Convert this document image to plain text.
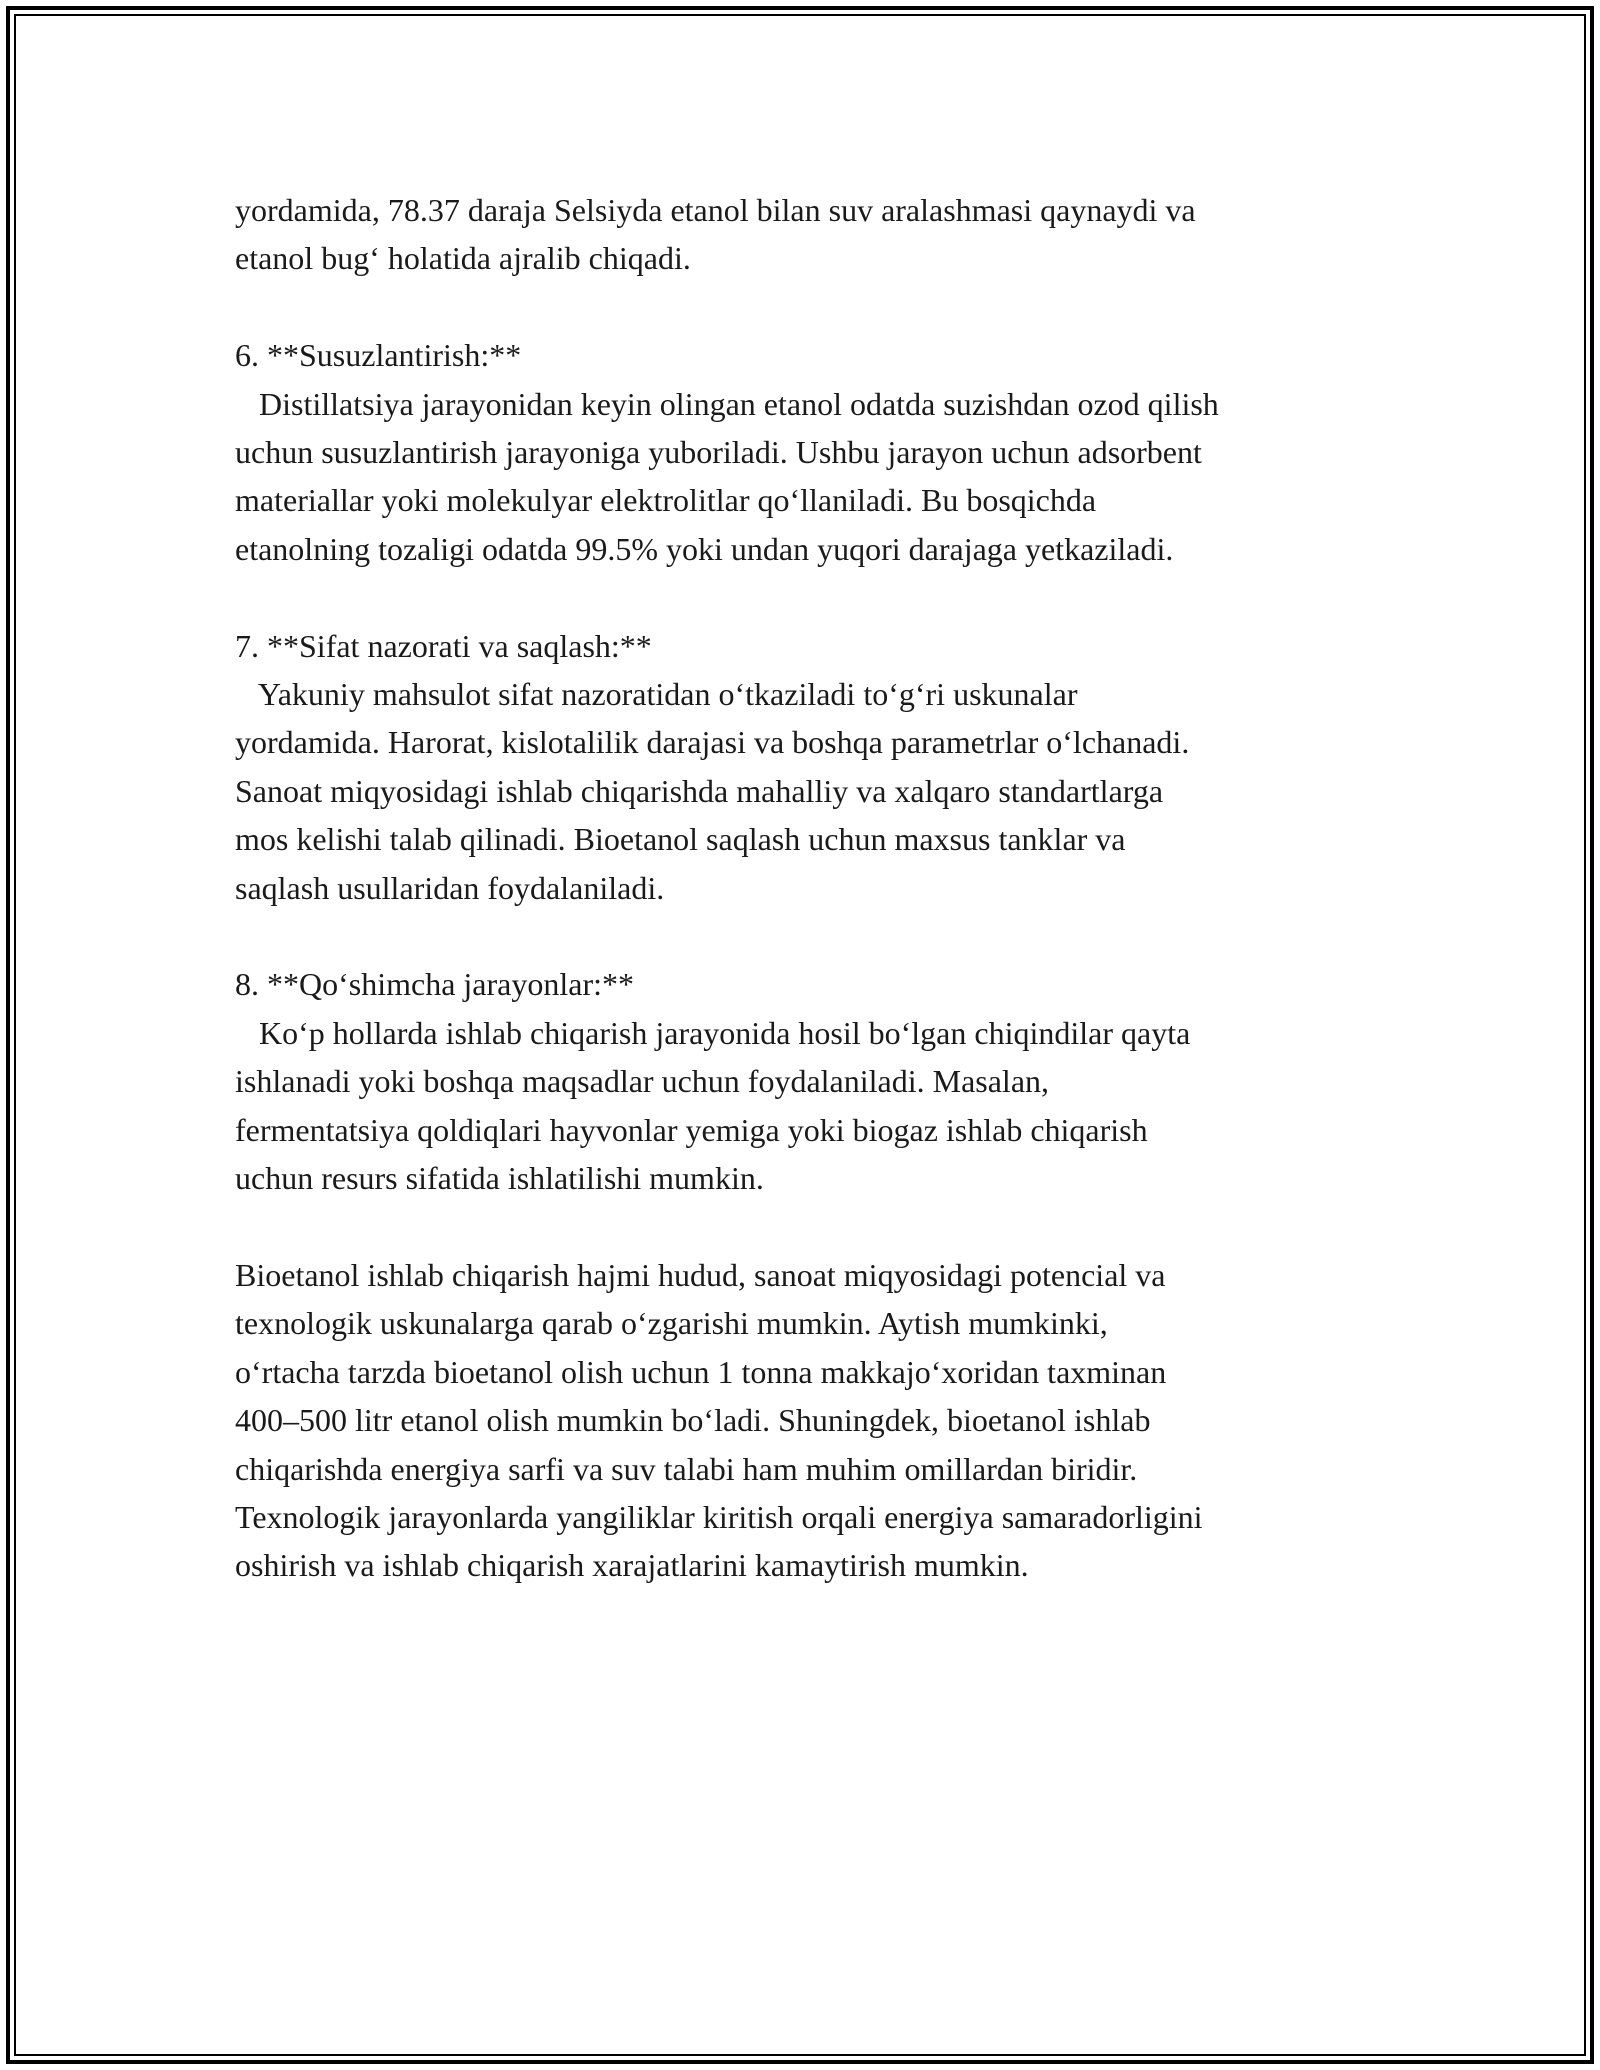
yordamida, 78.37 daraja Selsiyda etanol bilan suv aralashmasi qaynaydi va
etanol bug‘ holatida ajralib chiqadi.
6. **Susuzlantirish:**
Distillatsiya jarayonidan keyin olingan etanol odatda suzishdan ozod qilish
uchun susuzlantirish jarayoniga yuboriladi. Ushbu jarayon uchun adsorbent
materiallar yoki molekulyar elektrolitlar qo‘llaniladi. Bu bosqichda
etanolning tozaligi odatda 99.5% yoki undan yuqori darajaga yetkaziladi.
7. **Sifat nazorati va saqlash:**
Yakuniy mahsulot sifat nazoratidan o‘tkaziladi to‘g‘ri uskunalar
yordamida. Harorat, kislotalilik darajasi va boshqa parametrlar o‘lchanadi.
Sanoat miqyosidagi ishlab chiqarishda mahalliy va xalqaro standartlarga
mos kelishi talab qilinadi. Bioetanol saqlash uchun maxsus tanklar va
saqlash usullaridan foydalaniladi.
8. **Qo‘shimcha jarayonlar:**
Ko‘p hollarda ishlab chiqarish jarayonida hosil bo‘lgan chiqindilar qayta
ishlanadi yoki boshqa maqsadlar uchun foydalaniladi. Masalan,
fermentatsiya qoldiqlari hayvonlar yemiga yoki biogaz ishlab chiqarish
uchun resurs sifatida ishlatilishi mumkin.
Bioetanol ishlab chiqarish hajmi hudud, sanoat miqyosidagi potencial va
texnologik uskunalarga qarab o‘zgarishi mumkin. Aytish mumkinki,
o‘rtacha tarzda bioetanol olish uchun 1 tonna makkajo‘xoridan taxminan
400–500 litr etanol olish mumkin bo‘ladi. Shuningdek, bioetanol ishlab
chiqarishda energiya sarfi va suv talabi ham muhim omillardan biridir.
Texnologik jarayonlarda yangiliklar kiritish orqali energiya samaradorligini
oshirish va ishlab chiqarish xarajatlarini kamaytirish mumkin.
